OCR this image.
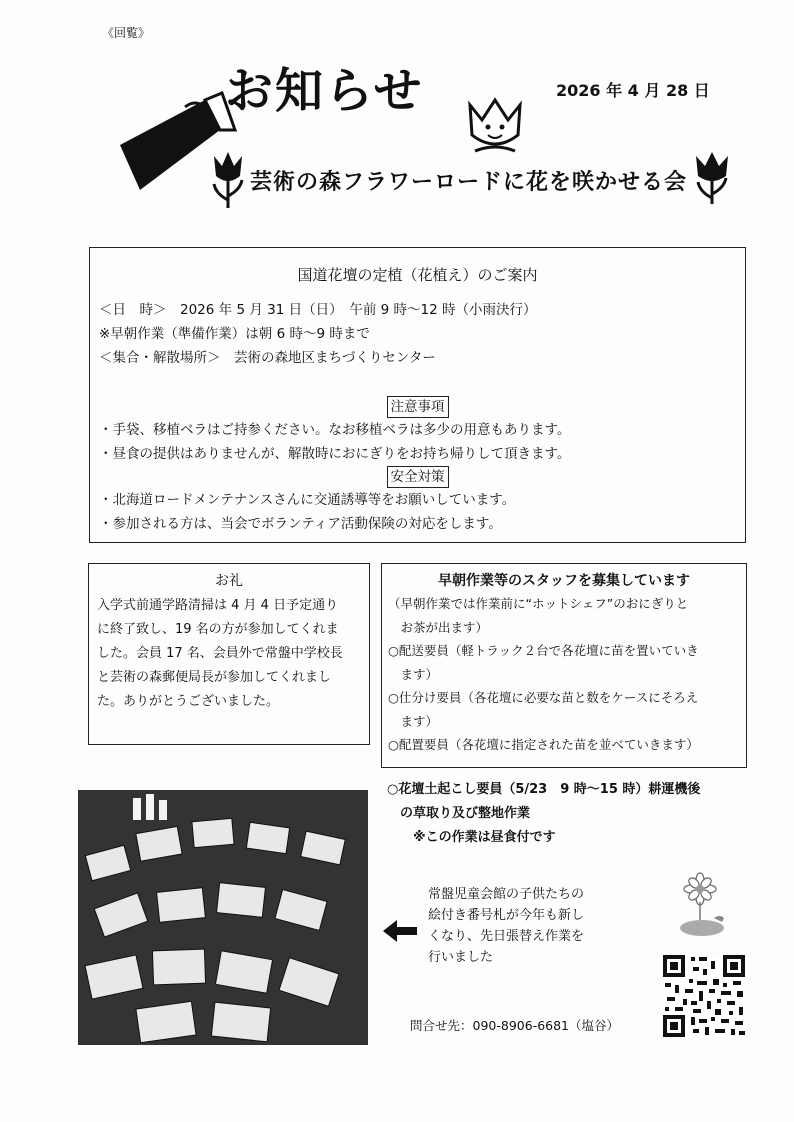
《回覧》
お知らせ	2026 年 4 月 28 日
芸術の森フラワーロードに花を咲かせる会
国道花壇の定植（花植え）のご案内
＜日　時＞　2026 年 5 月 31 日（日）　午前 9 時～12 時（小雨決行）
※早朝作業（準備作業）は朝 6 時～9 時まで
＜集合・解散場所＞　芸術の森地区まちづくりセンター
注意事項
・手袋、移植ベラはご持参ください。なお移植ベラは多少の用意もあります。
・昼食の提供はありませんが、解散時におにぎりをお持ち帰りして頂きます。
安全対策
・北海道ロードメンテナンスさんに交通誘導等をお願いしています。
・参加される方は、当会でボランティア活動保険の対応をします。
お礼
入学式前通学路清掃は 4 月 4 日予定通り
に終了致し、19 名の方が参加してくれま
した。会員 17 名、会員外で常盤中学校長
と芸術の森郵便局長が参加してくれまし
た。ありがとうございました。
早朝作業等のスタッフを募集しています
（早朝作業では作業前に“ホットシェフ”のおにぎりと
　お茶が出ます）
○配送要員（軽トラック２台で各花壇に苗を置いていき
　ます）
○仕分け要員（各花壇に必要な苗と数をケースにそろえ
　ます）
○配置要員（各花壇に指定された苗を並べていきます）
○花壇土起こし要員（5/23　9 時～15 時）耕運機後
　の草取り及び整地作業
　　※この作業は昼食付です
常盤児童会館の子供たちの
絵付き番号札が今年も新し
くなり、先日張替え作業を
行いました
問合せ先：090-8906-6681（塩谷）
